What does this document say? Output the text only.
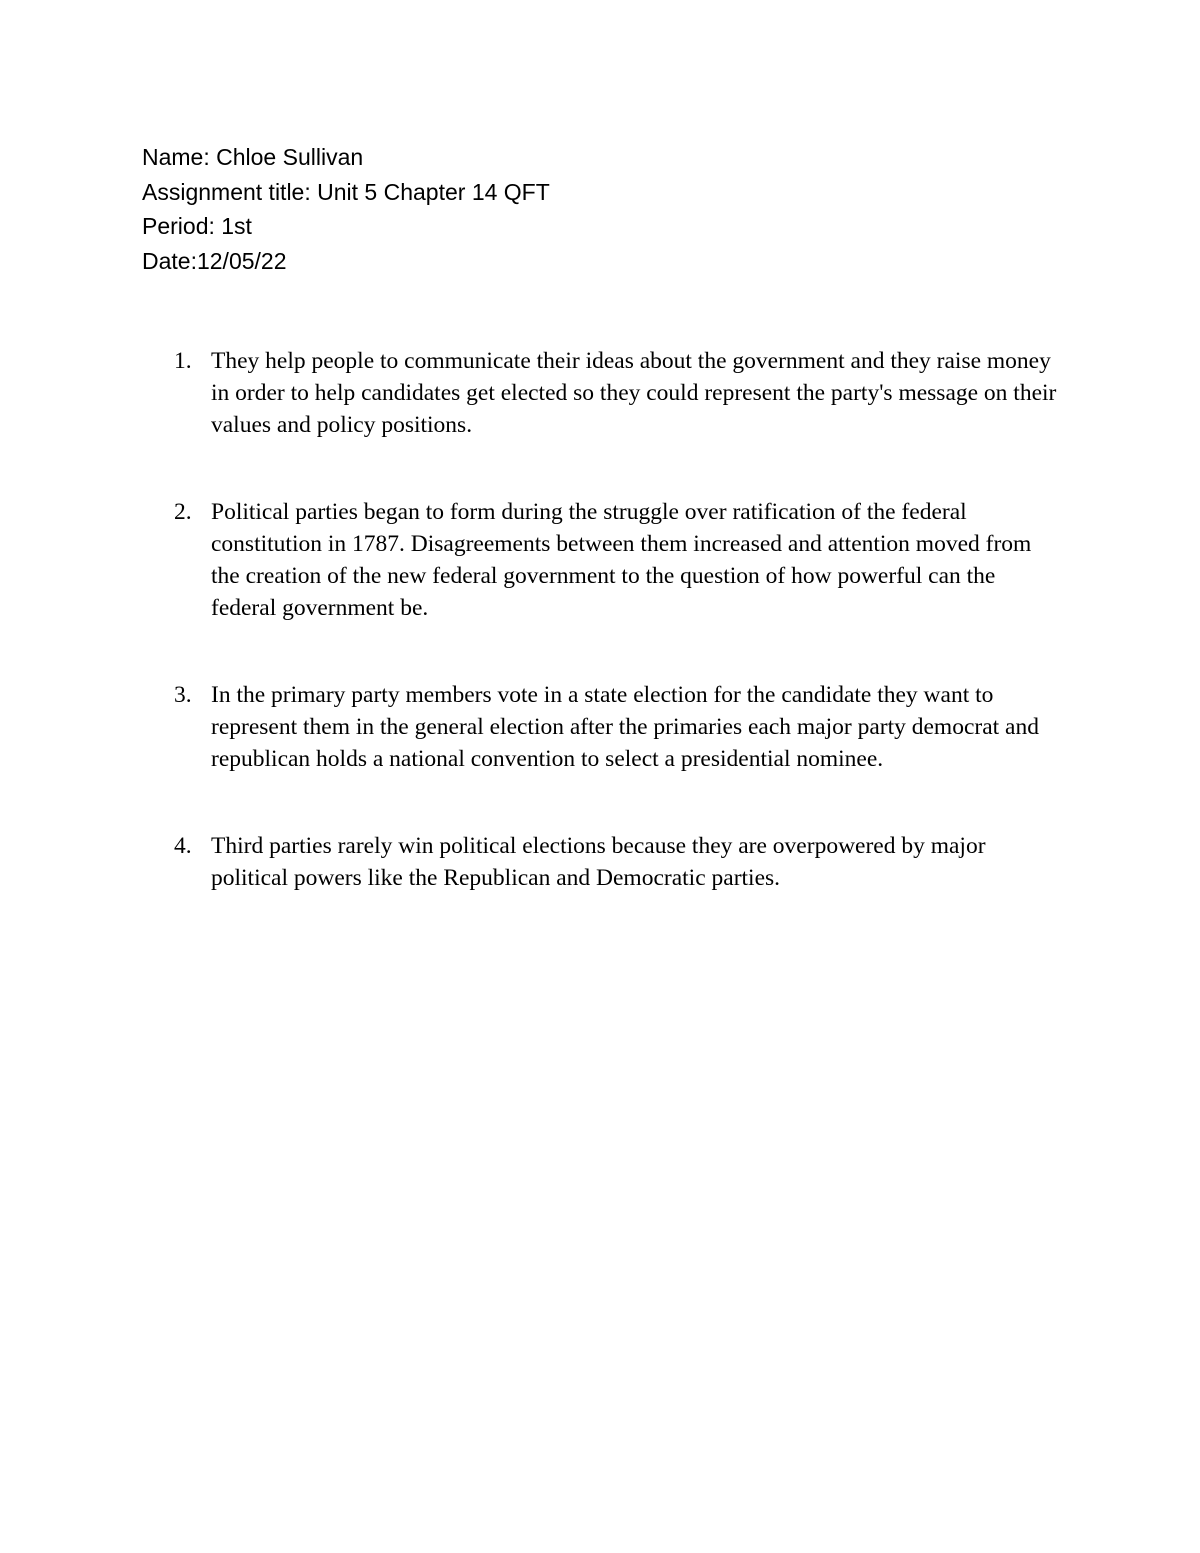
Name: Chloe Sullivan
Assignment title: Unit 5 Chapter 14 QFT
Period: 1st
Date:12/05/22
1. They help people to communicate their ideas about the government and they raise money in order to help candidates get elected so they could represent the party's message on their values and policy positions.
2. Political parties began to form during the struggle over ratification of the federal constitution in 1787. Disagreements between them increased and attention moved from the creation of the new federal government to the question of how powerful can the federal government be.
3. In the primary party members vote in a state election for the candidate they want to represent them in the general election after the primaries each major party democrat and republican holds a national convention to select a presidential nominee.
4. Third parties rarely win political elections because they are overpowered by major political powers like the Republican and Democratic parties.
